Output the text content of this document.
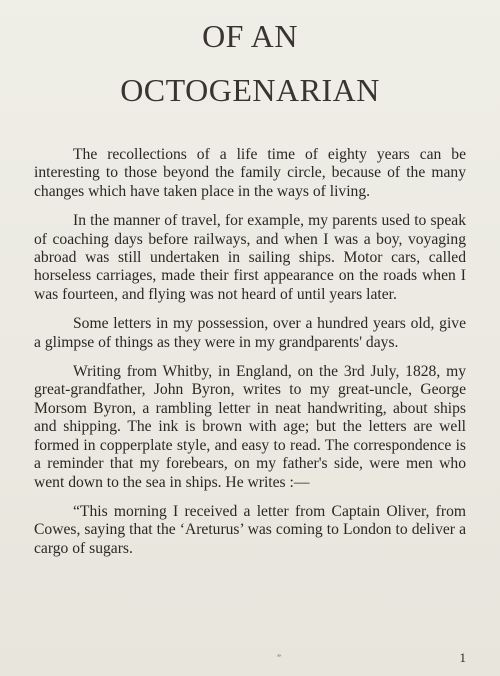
OF AN
OCTOGENARIAN

The recollections of a life time of eighty years can be interesting to those beyond the family circle, because of the many changes which have taken place in the ways of living.

In the manner of travel, for example, my parents used to speak of coaching days before railways, and when I was a boy, voyaging abroad was still undertaken in sailing ships. Motor cars, called horseless carriages, made their first appearance on the roads when I was fourteen, and flying was not heard of until years later.

Some letters in my possession, over a hundred years old, give a glimpse of things as they were in my grandparents' days.

Writing from Whitby, in England, on the 3rd July, 1828, my great-grandfather, John Byron, writes to my great-uncle, George Morsom Byron, a rambling letter in neat handwriting, about ships and shipping. The ink is brown with age; but the letters are well formed in copperplate style, and easy to read. The correspondence is a reminder that my forebears, on my father's side, were men who went down to the sea in ships. He writes :—

“This morning I received a letter from Captain Oliver, from Cowes, saying that the ‘Areturus’ was coming to London to deliver a cargo of sugars.

”	1
